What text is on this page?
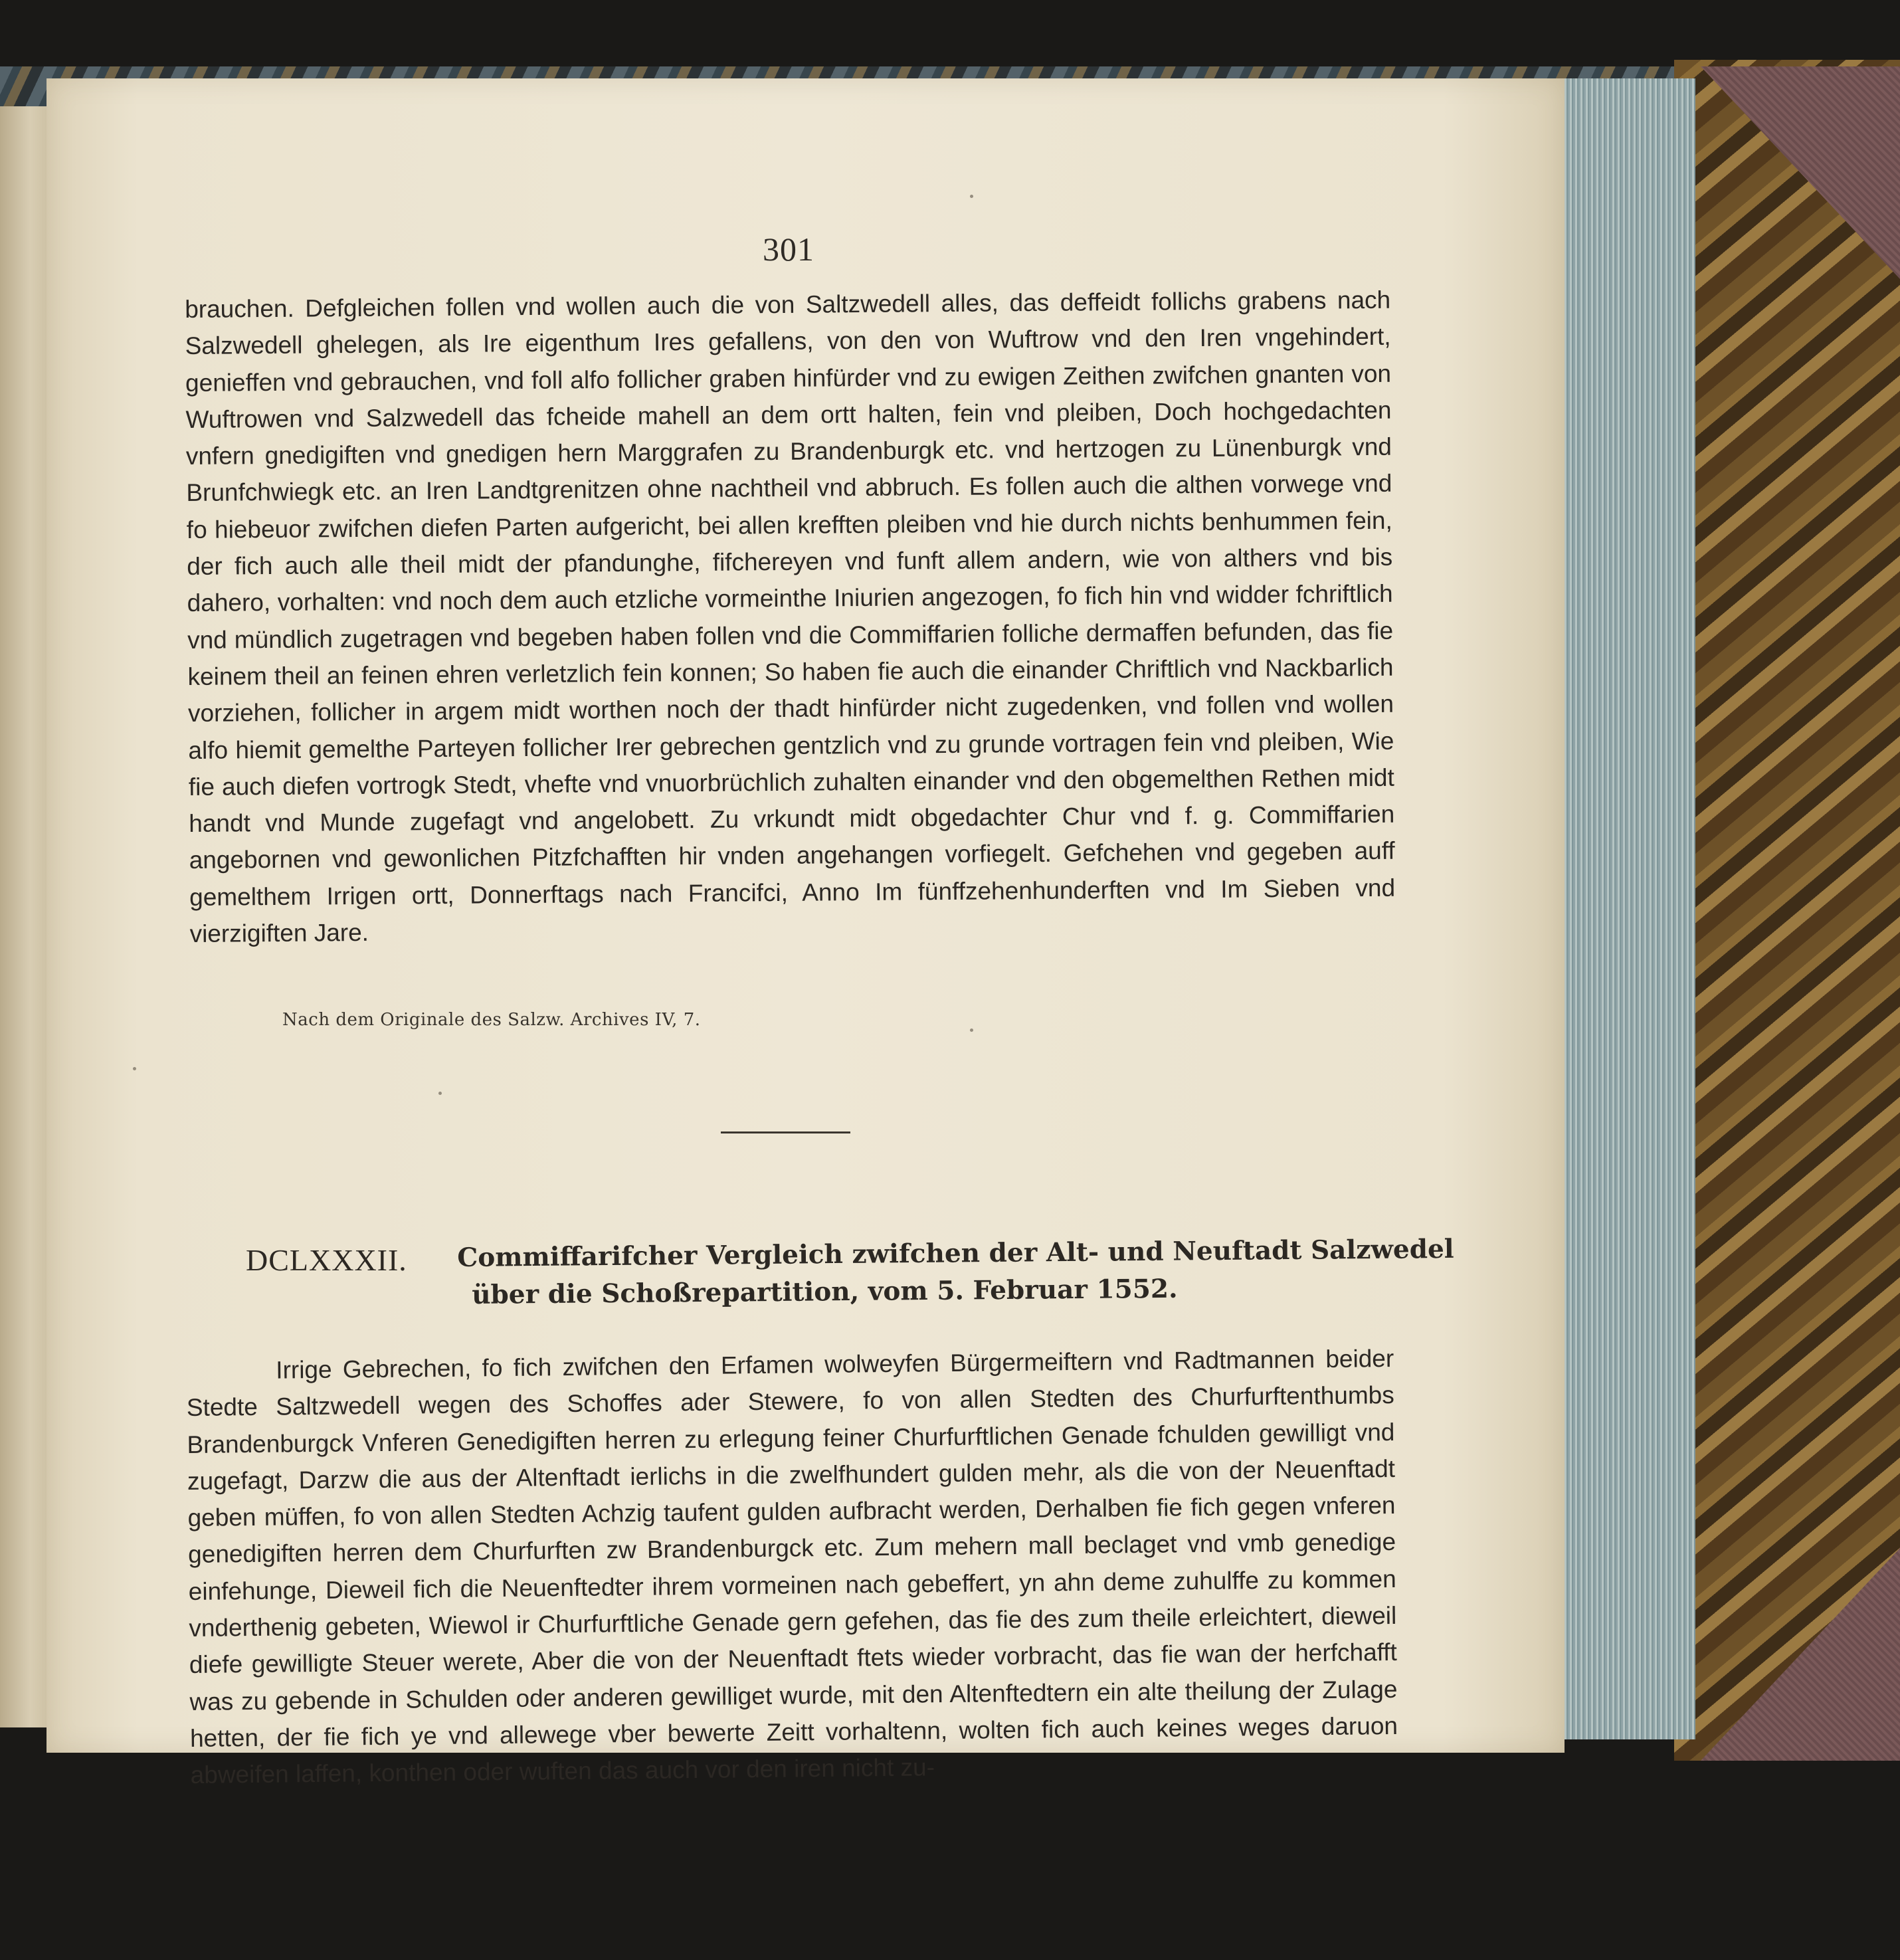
301

brauchen. Defgleichen follen vnd wollen auch die von Saltzwedell alles, das deffeidt follichs grabens nach Salzwedell ghelegen, als Ire eigenthum Ires gefallens, von den von Wuftrow vnd den Iren vngehindert, genieffen vnd gebrauchen, vnd foll alfo follicher graben hinfürder vnd zu ewigen Zeithen zwifchen gnanten von Wuftrowen vnd Salzwedell das fcheide mahell an dem ortt halten, fein vnd pleiben, Doch hochgedachten vnfern gnedigiften vnd gnedigen hern Marggrafen zu Brandenburgk etc. vnd hertzogen zu Lünenburgk vnd Brunfchwiegk etc. an Iren Landtgrenitzen ohne nachtheil vnd abbruch. Es follen auch die althen vorwege vnd fo hiebeuor zwifchen diefen Parten aufgericht, bei allen krefften pleiben vnd hie durch nichts benhummen fein, der fich auch alle theil midt der pfandunghe, fifchereyen vnd funft allem andern, wie von althers vnd bis dahero, vorhalten: vnd noch dem auch etzliche vormeinthe Iniurien angezogen, fo fich hin vnd widder fchriftlich vnd mündlich zugetragen vnd begeben haben follen vnd die Commiffarien folliche dermaffen befunden, das fie keinem theil an feinen ehren verletzlich fein konnen; So haben fie auch die einander Chriftlich vnd Nackbarlich vorziehen, follicher in argem midt worthen noch der thadt hinfürder nicht zugedenken, vnd follen vnd wollen alfo hiemit gemelthe Parteyen follicher Irer gebrechen gentzlich vnd zu grunde vortragen fein vnd pleiben, Wie fie auch diefen vortrogk Stedt, vhefte vnd vnuorbrüchlich zuhalten einander vnd den obgemelthen Rethen midt handt vnd Munde zugefagt vnd angelobett. Zu vrkundt midt obgedachter Chur vnd f. g. Commiffarien angebornen vnd gewonlichen Pitzfchafften hir vnden angehangen vorfiegelt. Gefchehen vnd gegeben auff gemelthem Irrigen ortt, Donnerftags nach Francifci, Anno Im fünffzehenhunderften vnd Im Sieben vnd vierzigiften Jare.

Nach dem Originale des Salzw. Archives IV, 7.
DCLXXXII. Commiffarifcher Vergleich zwifchen der Alt- und Neuftadt Salzwedel
über die Schoßrepartition, vom 5. Februar 1552.

Irrige Gebrechen, fo fich zwifchen den Erfamen wolweyfen Bürgermeiftern vnd Radtmannen beider Stedte Saltzwedell wegen des Schoffes ader Stewere, fo von allen Stedten des Churfurftenthumbs Brandenburgck Vnferen Genedigiften herren zu erlegung feiner Churfurftlichen Genade fchulden gewilligt vnd zugefagt, Darzw die aus der Altenftadt ierlichs in die zwelfhundert gulden mehr, als die von der Neuenftadt geben müffen, fo von allen Stedten Achzig taufent gulden aufbracht werden, Derhalben fie fich gegen vnferen genedigiften herren dem Churfurften zw Brandenburgck etc. Zum mehern mall beclaget vnd vmb genedige einfehunge, Dieweil fich die Neuenftedter ihrem vormeinen nach gebeffert, yn ahn deme zuhulffe zu kommen vnderthenig gebeten, Wiewol ir Churfurftliche Genade gern gefehen, das fie des zum theile erleichtert, dieweil diefe gewilligte Steuer werete, Aber die von der Neuenftadt ftets wieder vorbracht, das fie wan der herfchafft was zu gebende in Schulden oder anderen gewilliget wurde, mit den Altenftedtern ein alte theilung der Zulage hetten, der fie fich ye vnd allewege vber bewerte Zeitt vorhaltenn, wolten fich auch keines weges daruon abweifen laffen, konthen oder wuften das auch vor den iren nicht zu-
